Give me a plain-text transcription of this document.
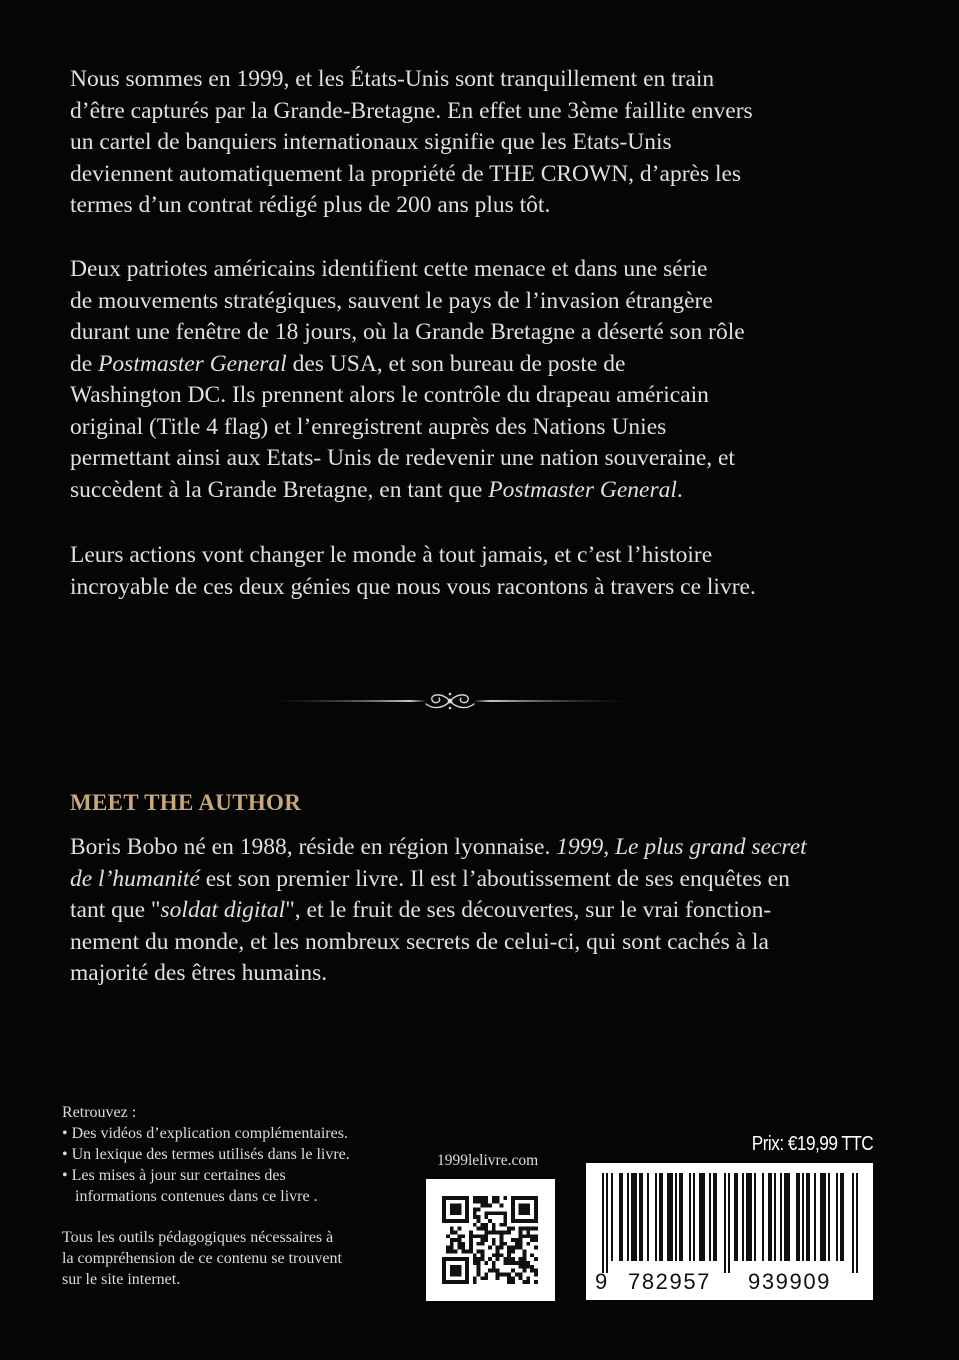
Nous sommes en 1999, et les États-Unis sont tranquillement en train
d’être capturés par la Grande-Bretagne. En effet une 3ème faillite envers
un cartel de banquiers internationaux signifie que les Etats-Unis
deviennent automatiquement la propriété de THE CROWN, d’après les
termes d’un contrat rédigé plus de 200 ans plus tôt.

Deux patriotes américains identifient cette menace et dans une série
de mouvements stratégiques, sauvent le pays de l’invasion étrangère
durant une fenêtre de 18 jours, où la Grande Bretagne a déserté son rôle
de Postmaster General des USA, et son bureau de poste de
Washington DC. Ils prennent alors le contrôle du drapeau américain
original (Title 4 flag) et l’enregistrent auprès des Nations Unies
permettant ainsi aux Etats- Unis de redevenir une nation souveraine, et
succèdent à la Grande Bretagne, en tant que Postmaster General.

Leurs actions vont changer le monde à tout jamais, et c’est l’histoire
incroyable de ces deux génies que nous vous racontons à travers ce livre.

MEET THE AUTHOR

Boris Bobo né en 1988, réside en région lyonnaise. 1999, Le plus grand secret
de l’humanité est son premier livre. Il est l’aboutissement de ses enquêtes en
tant que "soldat digital", et le fruit de ses découvertes, sur le vrai fonction-
nement du monde, et les nombreux secrets de celui-ci, qui sont cachés à la
majorité des êtres humains.

Retrouvez :
• Des vidéos d’explication complémentaires.
• Un lexique des termes utilisés dans le livre.
• Les mises à jour sur certaines des
informations contenues dans ce livre .
Tous les outils pédagogiques nécessaires à
la compréhension de ce contenu se trouvent
sur le site internet.
1999lelivre.com
Prix: €19,99 TTC
9 782957 939909
